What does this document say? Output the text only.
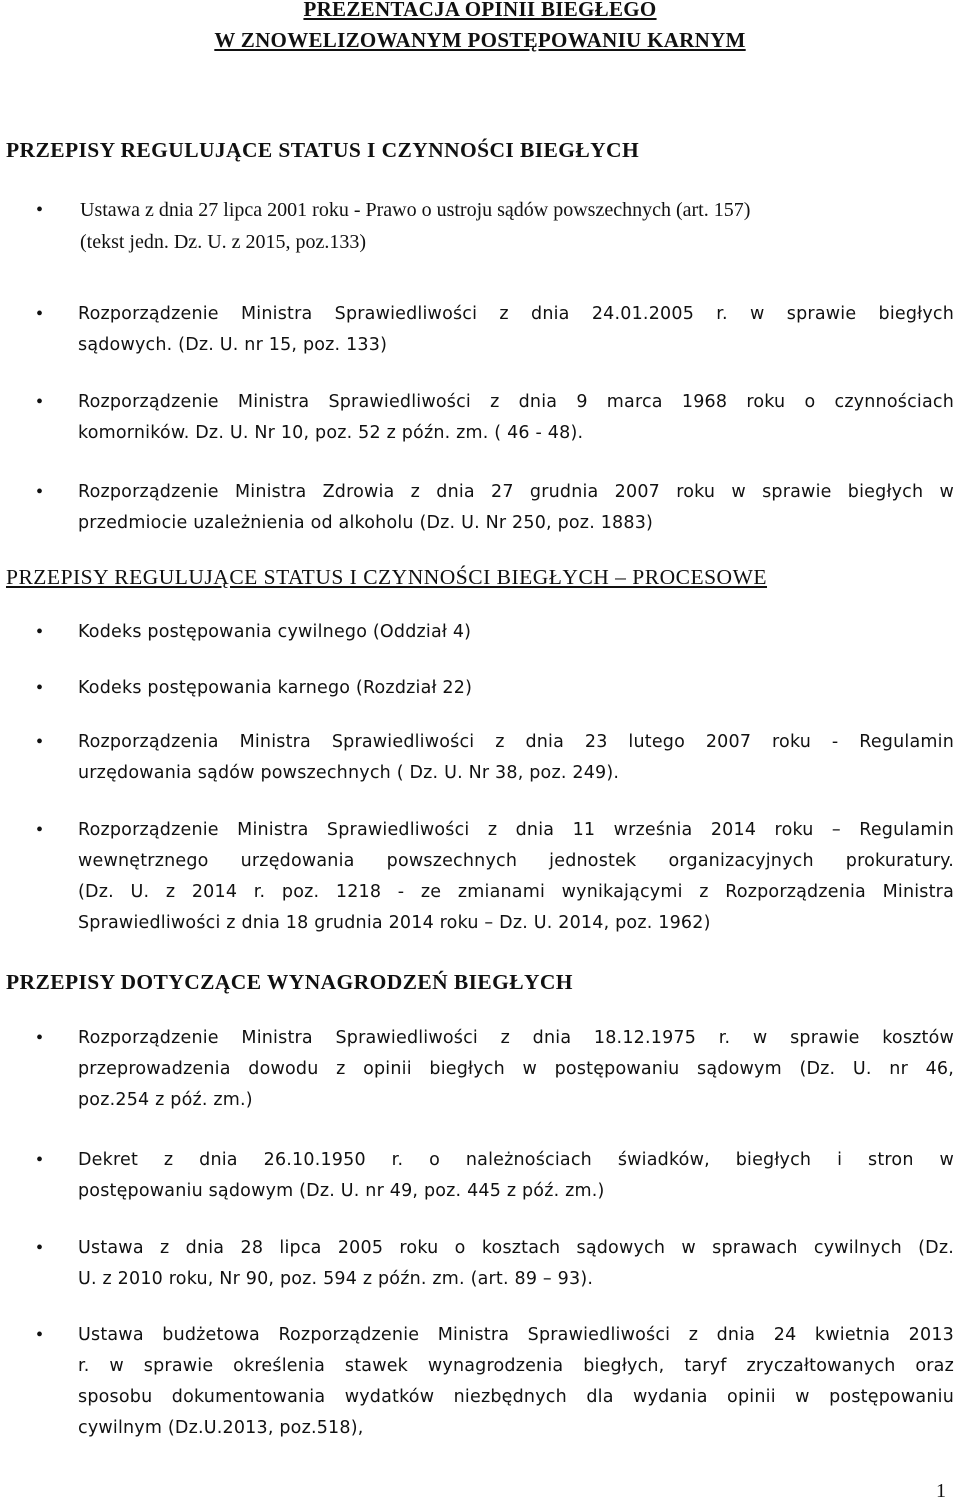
PREZENTACJA OPINII BIEGŁEGO
W ZNOWELIZOWANYM POSTĘPOWANIU KARNYM
PRZEPISY REGULUJĄCE STATUS I CZYNNOŚCI BIEGŁYCH
• Ustawa z dnia 27 lipca 2001 roku - Prawo o ustroju sądów powszechnych (art. 157)
(tekst jedn. Dz. U. z 2015, poz.133)
• Rozporządzenie Ministra Sprawiedliwości z dnia 24.01.2005 r. w sprawie biegłych
sądowych. (Dz. U. nr 15, poz. 133)
• Rozporządzenie Ministra Sprawiedliwości z dnia 9 marca 1968 roku o czynnościach
komorników. Dz. U. Nr 10, poz. 52 z późn. zm. ( 46 - 48).
• Rozporządzenie Ministra Zdrowia z dnia 27 grudnia 2007 roku w sprawie biegłych w
przedmiocie uzależnienia od alkoholu (Dz. U. Nr 250, poz. 1883)
PRZEPISY REGULUJĄCE STATUS I CZYNNOŚCI BIEGŁYCH – PROCESOWE
• Kodeks postępowania cywilnego (Oddział 4)
• Kodeks postępowania karnego (Rozdział 22)
• Rozporządzenia Ministra Sprawiedliwości z dnia 23 lutego 2007 roku - Regulamin
urzędowania sądów powszechnych ( Dz. U. Nr 38, poz. 249).
• Rozporządzenie Ministra Sprawiedliwości z dnia 11 września 2014 roku – Regulamin
wewnętrznego urzędowania powszechnych jednostek organizacyjnych prokuratury.
(Dz. U. z 2014 r. poz. 1218 - ze zmianami wynikającymi z Rozporządzenia Ministra
Sprawiedliwości z dnia 18 grudnia 2014 roku – Dz. U. 2014, poz. 1962)
PRZEPISY DOTYCZĄCE WYNAGRODZEŃ BIEGŁYCH
• Rozporządzenie Ministra Sprawiedliwości z dnia 18.12.1975 r. w sprawie kosztów
przeprowadzenia dowodu z opinii biegłych w postępowaniu sądowym (Dz. U. nr 46,
poz.254 z póź. zm.)
• Dekret z dnia 26.10.1950 r. o należnościach świadków, biegłych i stron w
postępowaniu sądowym (Dz. U. nr 49, poz. 445 z póź. zm.)
• Ustawa z dnia 28 lipca 2005 roku o kosztach sądowych w sprawach cywilnych (Dz.
U. z 2010 roku, Nr 90, poz. 594 z późn. zm. (art. 89 – 93).
• Ustawa budżetowa Rozporządzenie Ministra Sprawiedliwości z dnia 24 kwietnia 2013
r. w sprawie określenia stawek wynagrodzenia biegłych, taryf zryczałtowanych oraz
sposobu dokumentowania wydatków niezbędnych dla wydania opinii w postępowaniu
cywilnym (Dz.U.2013, poz.518),
1
